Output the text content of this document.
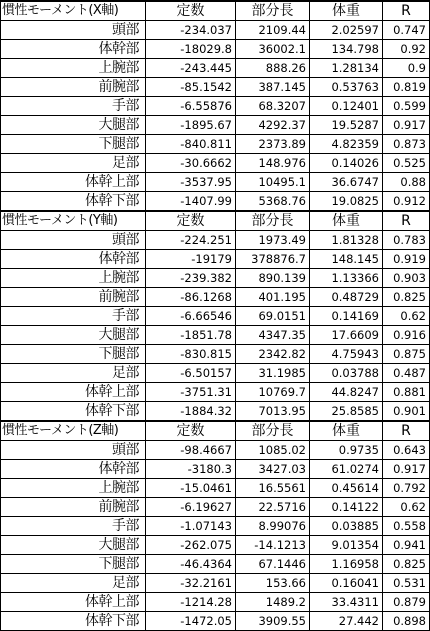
慣性モーメント(X軸)	定数	部分長	体重	R
頭部	-234.037	2109.44	2.02597	0.747
体幹部	-18029.8	36002.1	134.798	0.92
上腕部	-243.445	888.26	1.28134	0.9
前腕部	-85.1542	387.145	0.53763	0.819
手部	-6.55876	68.3207	0.12401	0.599
大腿部	-1895.67	4292.37	19.5287	0.917
下腿部	-840.811	2373.89	4.82359	0.873
足部	-30.6662	148.976	0.14026	0.525
体幹上部	-3537.95	10495.1	36.6747	0.88
体幹下部	-1407.99	5368.76	19.0825	0.912
慣性モーメント(Y軸)	定数	部分長	体重	R
頭部	-224.251	1973.49	1.81328	0.783
体幹部	-19179	378876.7	148.145	0.919
上腕部	-239.382	890.139	1.13366	0.903
前腕部	-86.1268	401.195	0.48729	0.825
手部	-6.66546	69.0151	0.14169	0.62
大腿部	-1851.78	4347.35	17.6609	0.916
下腿部	-830.815	2342.82	4.75943	0.875
足部	-6.50157	31.1985	0.03788	0.487
体幹上部	-3751.31	10769.7	44.8247	0.881
体幹下部	-1884.32	7013.95	25.8585	0.901
慣性モーメント(Z軸)	定数	部分長	体重	R
頭部	-98.4667	1085.02	0.9735	0.643
体幹部	-3180.3	3427.03	61.0274	0.917
上腕部	-15.0461	16.5561	0.45614	0.792
前腕部	-6.19627	22.5716	0.14122	0.62
手部	-1.07143	8.99076	0.03885	0.558
大腿部	-262.075	-14.1213	9.01354	0.941
下腿部	-46.4364	67.1446	1.16958	0.825
足部	-32.2161	153.66	0.16041	0.531
体幹上部	-1214.28	1489.2	33.4311	0.879
体幹下部	-1472.05	3909.55	27.442	0.898
